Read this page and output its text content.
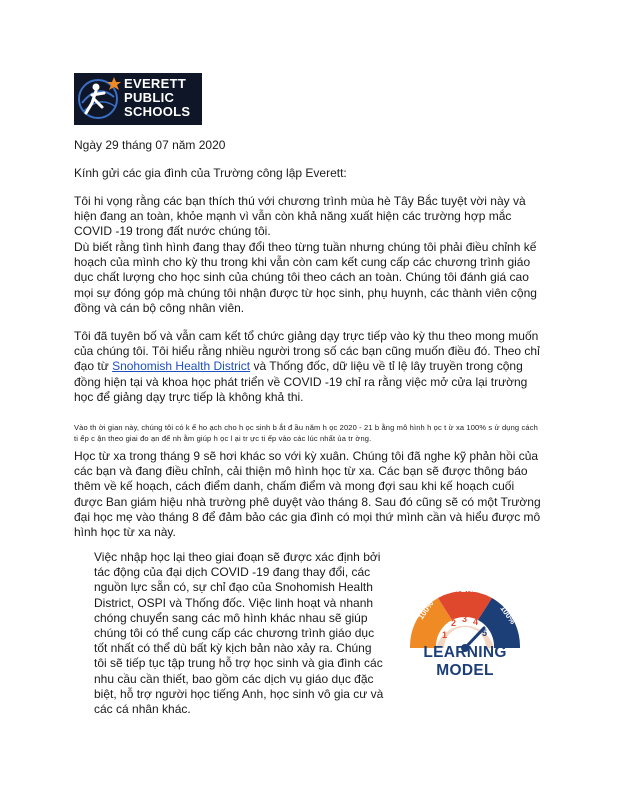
EVERETT
PUBLIC
SCHOOLS
Ngày 29 tháng 07 năm 2020
Kính gửi các gia đình của Trường công lập Everett:
Tôi hi vọng rằng các bạn thích thú với chương trình mùa hè Tây Bắc tuyệt vời này và hiện đang an toàn, khỏe mạnh vì vẫn còn khả năng xuất hiện các trường hợp mắc COVID -19 trong đất nước chúng tôi.
Dù biết rằng tình hình đang thay đổi theo từng tuần nhưng chúng tôi phải điều chỉnh kế hoạch của mình cho kỳ thu trong khi vẫn còn cam kết cung cấp các chương trình giáo dục chất lượng cho học sinh của chúng tôi theo cách an toàn. Chúng tôi đánh giá cao mọi sự đóng góp mà chúng tôi nhận được từ học sinh, phụ huynh, các thành viên cộng đồng và cán bộ công nhân viên.
Tôi đã tuyên bố và vẫn cam kết tổ chức giảng dạy trực tiếp vào kỳ thu theo mong muốn của chúng tôi. Tôi hiểu rằng nhiều người trong số các bạn cũng muốn điều đó. Theo chỉ đạo từ Snohomish Health District và Thống đốc, dữ liệu về tỉ lệ lây truyền trong cộng đồng hiện tại và khoa học phát triển về COVID -19 chỉ ra rằng việc mở cửa lại trường học để giảng dạy trực tiếp là không khả thi.
Vào th ời gian này, chúng tôi có k ế ho ạch cho h ọc sinh b ắt đ ầu năm h ọc 2020 - 21 b ằng mô hình h ọc t ừ xa 100% s ử dụng cách ti ếp c ận theo giai đo ạn để nh ằm giúp h ọc l ại tr ực ti ếp vào các lúc nhất ủa tr ờng.
Học từ xa trong tháng 9 sẽ hơi khác so với kỳ xuân. Chúng tôi đã nghe kỹ phản hồi của các bạn và đang điều chỉnh, cải thiện mô hình học từ xa. Các bạn sẽ được thông báo thêm về kế hoạch, cách điểm danh, chấm điểm và mong đợi sau khi kế hoạch cuối được Ban giám hiệu nhà trường phê duyệt vào tháng 8. Sau đó cũng sẽ có một Trường đại học mẹ vào tháng 8 để đảm bảo các gia đình có mọi thứ mình cần và hiểu được mô hình học từ xa này.
Việc nhập học lại theo giai đoạn sẽ được xác định bởi tác động của đại dịch COVID -19 đang thay đổi, các nguồn lực sẵn có, sự chỉ đạo của Snohomish Health District, OSPI và Thống đốc. Việc linh hoạt và nhanh chóng chuyển sang các mô hình khác nhau sẽ giúp chúng tôi có thể cung cấp các chương trình giáo dục tốt nhất có thể dù bất kỳ kịch bản nào xảy ra. Chúng tôi sẽ tiếp tục tập trung hỗ trợ học sinh và gia đình các nhu cầu cần thiết, bao gồm các dịch vụ giáo dục đặc biệt, hỗ trợ người học tiếng Anh, học sinh vô gia cư và các cá nhân khác.
HYBRID
100%	100%
1
2 3 4
5
LEARNING MODEL
